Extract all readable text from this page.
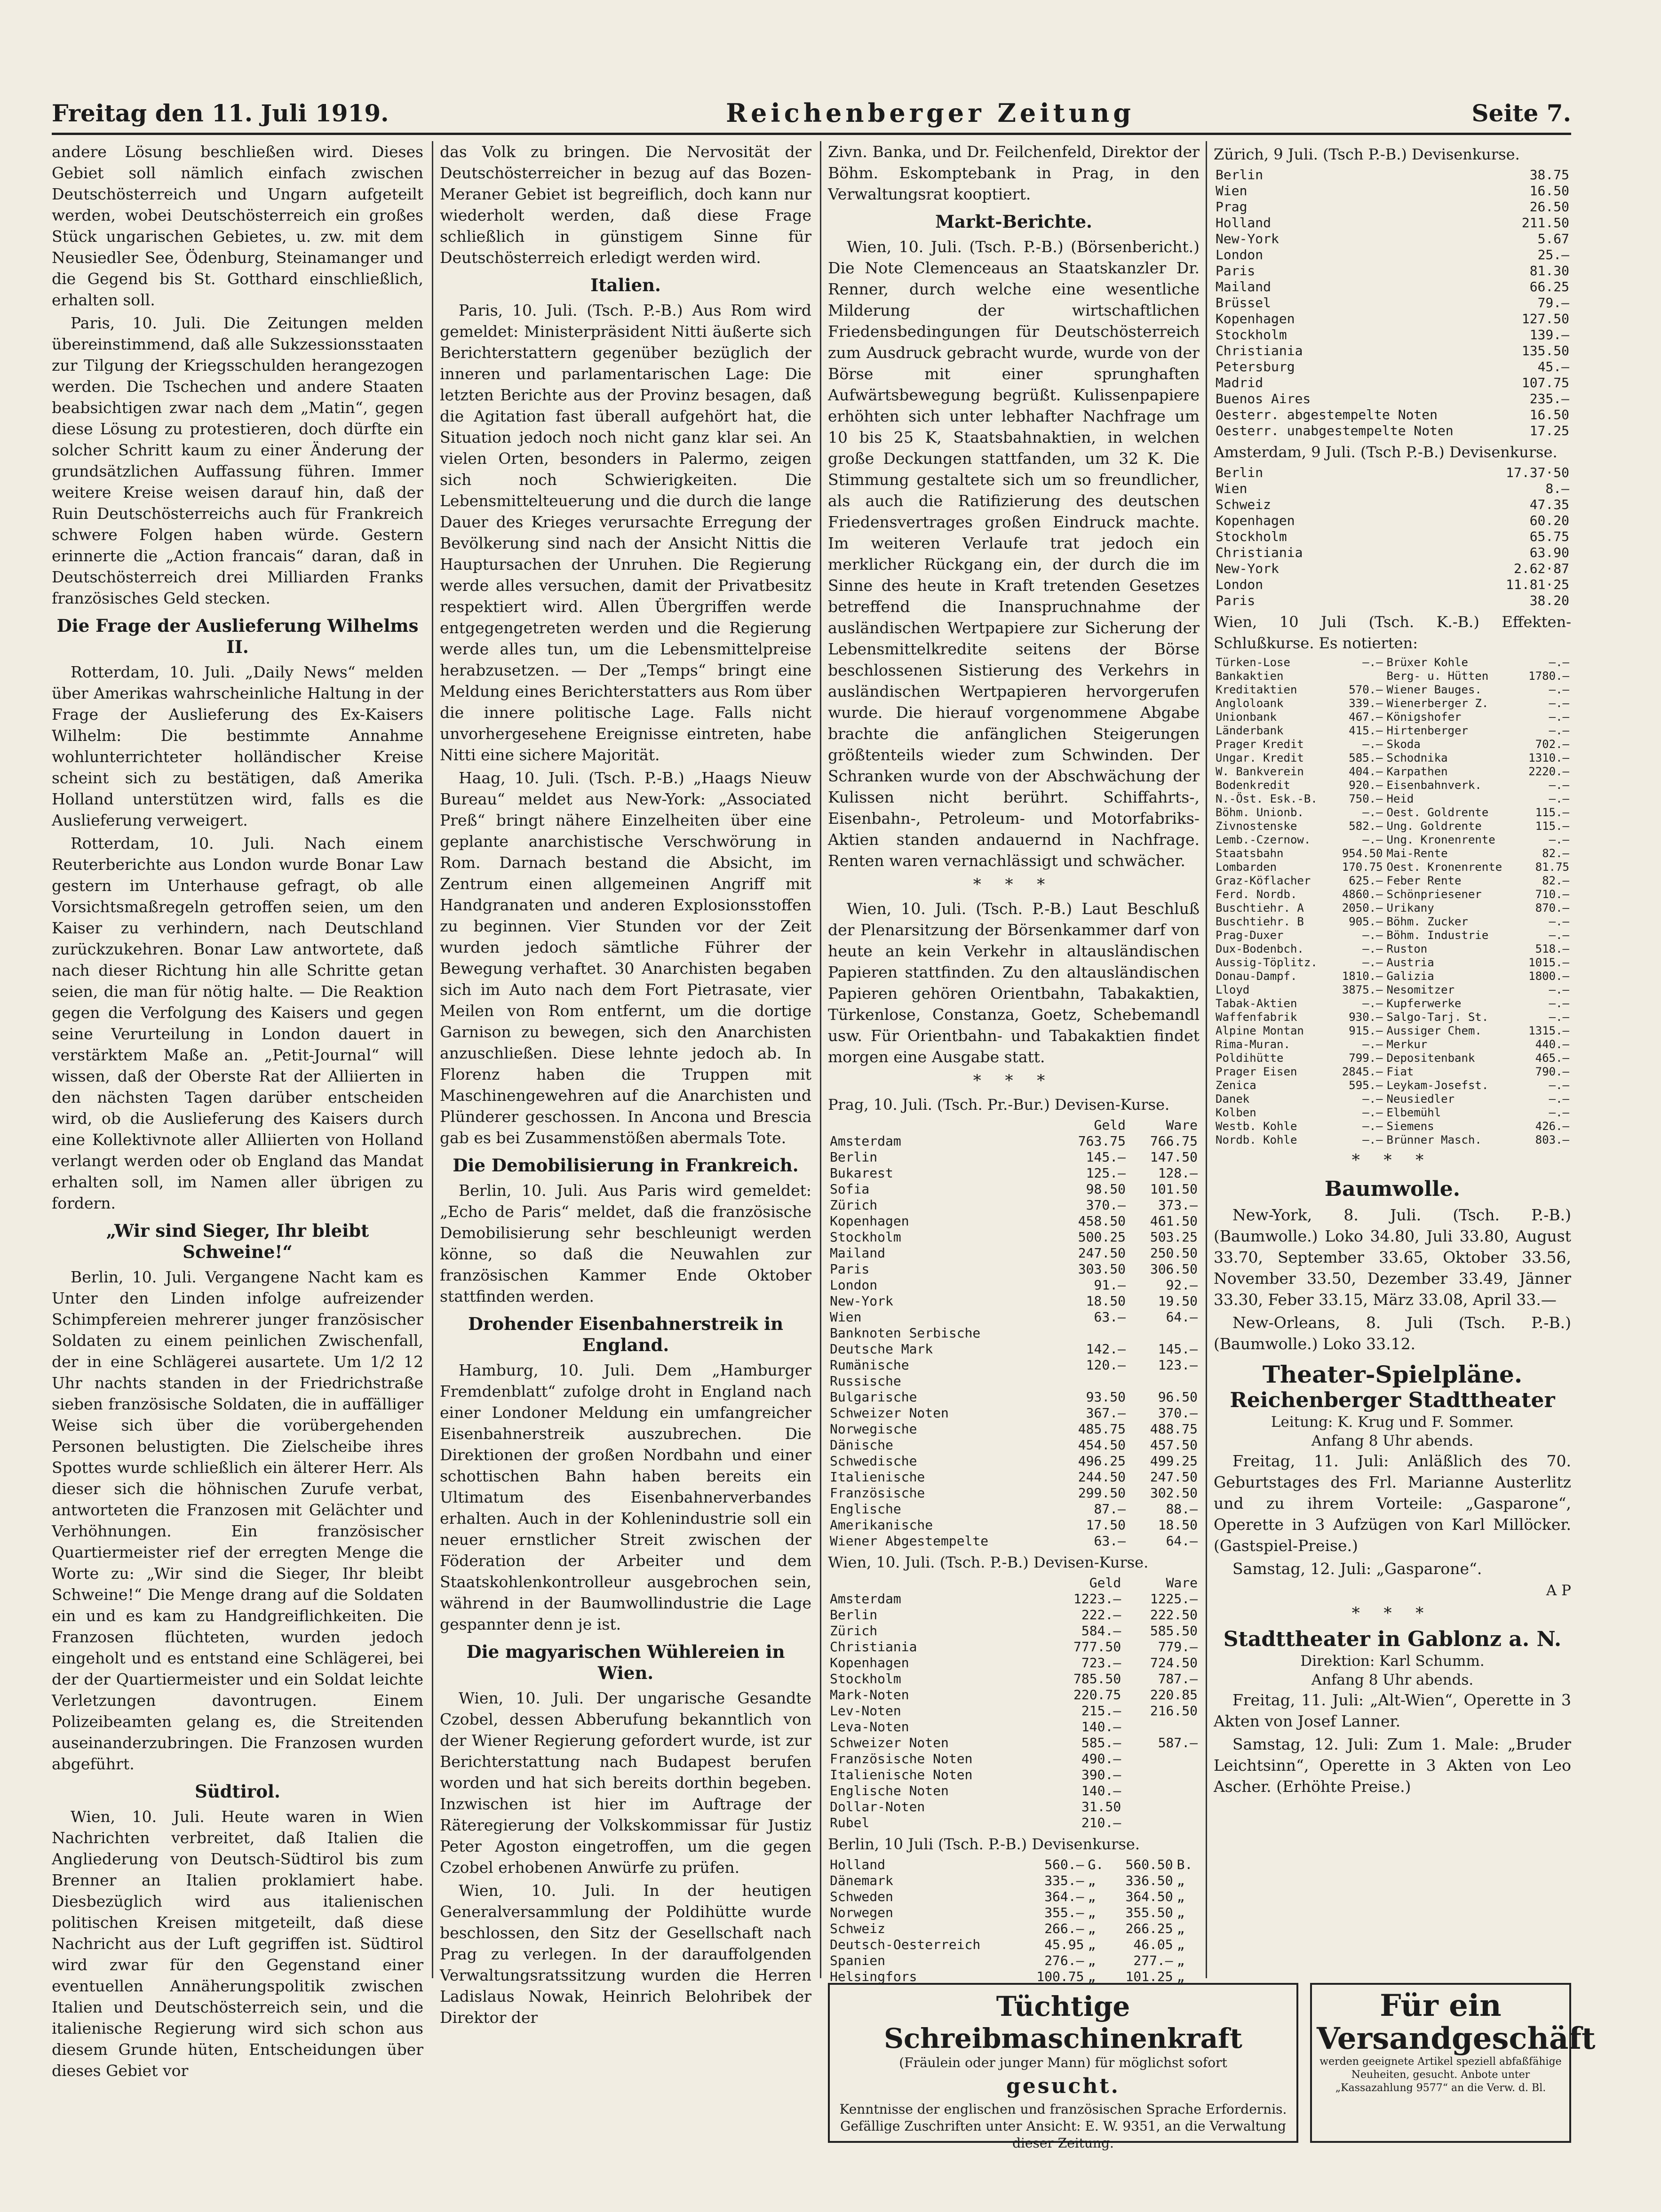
Freitag den 11. Juli 1919.	Reichenberger Zeitung	Seite 7.

andere Lösung beschließen wird. Dieses Gebiet soll nämlich einfach zwischen Deutschösterreich und Ungarn aufgeteilt werden, wobei Deutschösterreich ein großes Stück ungarischen Gebietes, u. zw. mit dem Neusiedler See, Ödenburg, Steinamanger und die Gegend bis St. Gotthard einschließlich, erhalten soll.

Paris, 10. Juli. Die Zeitungen melden übereinstimmend, daß alle Sukzessionsstaaten zur Tilgung der Kriegsschulden herangezogen werden. Die Tschechen und andere Staaten beabsichtigen zwar nach dem „Matin“, gegen diese Lösung zu protestieren, doch dürfte ein solcher Schritt kaum zu einer Änderung der grundsätzlichen Auffassung führen. Immer weitere Kreise weisen darauf hin, daß der Ruin Deutschösterreichs auch für Frankreich schwere Folgen haben würde. Gestern erinnerte die „Action francais“ daran, daß in Deutschösterreich drei Milliarden Franks französisches Geld stecken.

Die Frage der Auslieferung Wilhelms II.

Rotterdam, 10. Juli. „Daily News“ melden über Amerikas wahrscheinliche Haltung in der Frage der Auslieferung des Ex-Kaisers Wilhelm: Die bestimmte Annahme wohlunterrichteter holländischer Kreise scheint sich zu bestätigen, daß Amerika Holland unterstützen wird, falls es die Auslieferung verweigert.

Rotterdam, 10. Juli. Nach einem Reuterberichte aus London wurde Bonar Law gestern im Unterhause gefragt, ob alle Vorsichtsmaßregeln getroffen seien, um den Kaiser zu verhindern, nach Deutschland zurückzukehren. Bonar Law antwortete, daß nach dieser Richtung hin alle Schritte getan seien, die man für nötig halte. — Die Reaktion gegen die Verfolgung des Kaisers und gegen seine Verurteilung in London dauert in verstärktem Maße an. „Petit-Journal“ will wissen, daß der Oberste Rat der Alliierten in den nächsten Tagen darüber entscheiden wird, ob die Auslieferung des Kaisers durch eine Kollektivnote aller Alliierten von Holland verlangt werden oder ob England das Mandat erhalten soll, im Namen aller übrigen zu fordern.

„Wir sind Sieger, Ihr bleibt Schweine!“

Berlin, 10. Juli. Vergangene Nacht kam es Unter den Linden infolge aufreizender Schimpfereien mehrerer junger französischer Soldaten zu einem peinlichen Zwischenfall, der in eine Schlägerei ausartete. Um 1/2 12 Uhr nachts standen in der Friedrichstraße sieben französische Soldaten, die in auffälliger Weise sich über die vorübergehenden Personen belustigten. Die Zielscheibe ihres Spottes wurde schließlich ein älterer Herr. Als dieser sich die höhnischen Zurufe verbat, antworteten die Franzosen mit Gelächter und Verhöhnungen. Ein französischer Quartiermeister rief der erregten Menge die Worte zu: „Wir sind die Sieger, Ihr bleibt Schweine!“ Die Menge drang auf die Soldaten ein und es kam zu Handgreiflichkeiten. Die Franzosen flüchteten, wurden jedoch eingeholt und es entstand eine Schlägerei, bei der der Quartiermeister und ein Soldat leichte Verletzungen davontrugen. Einem Polizeibeamten gelang es, die Streitenden auseinanderzubringen. Die Franzosen wurden abgeführt.

Südtirol.

Wien, 10. Juli. Heute waren in Wien Nachrichten verbreitet, daß Italien die Angliederung von Deutsch-Südtirol bis zum Brenner an Italien proklamiert habe. Diesbezüglich wird aus italienischen politischen Kreisen mitgeteilt, daß diese Nachricht aus der Luft gegriffen ist. Südtirol wird zwar für den Gegenstand einer eventuellen Annäherungspolitik zwischen Italien und Deutschösterreich sein, und die italienische Regierung wird sich schon aus diesem Grunde hüten, Entscheidungen über dieses Gebiet vor

das Volk zu bringen. Die Nervosität der Deutschösterreicher in bezug auf das Bozen-Meraner Gebiet ist begreiflich, doch kann nur wiederholt werden, daß diese Frage schließlich in günstigem Sinne für Deutschösterreich erledigt werden wird.

Italien.

Paris, 10. Juli. (Tsch. P.-B.) Aus Rom wird gemeldet: Ministerpräsident Nitti äußerte sich Berichterstattern gegenüber bezüglich der inneren und parlamentarischen Lage: Die letzten Berichte aus der Provinz besagen, daß die Agitation fast überall aufgehört hat, die Situation jedoch noch nicht ganz klar sei. An vielen Orten, besonders in Palermo, zeigen sich noch Schwierigkeiten. Die Lebensmittelteuerung und die durch die lange Dauer des Krieges verursachte Erregung der Bevölkerung sind nach der Ansicht Nittis die Hauptursachen der Unruhen. Die Regierung werde alles versuchen, damit der Privatbesitz respektiert wird. Allen Übergriffen werde entgegengetreten werden und die Regierung werde alles tun, um die Lebensmittelpreise herabzusetzen. — Der „Temps“ bringt eine Meldung eines Berichterstatters aus Rom über die innere politische Lage. Falls nicht unvorhergesehene Ereignisse eintreten, habe Nitti eine sichere Majorität.

Haag, 10. Juli. (Tsch. P.-B.) „Haags Nieuw Bureau“ meldet aus New-York: „Associated Preß“ bringt nähere Einzelheiten über eine geplante anarchistische Verschwörung in Rom. Darnach bestand die Absicht, im Zentrum einen allgemeinen Angriff mit Handgranaten und anderen Explosionsstoffen zu beginnen. Vier Stunden vor der Zeit wurden jedoch sämtliche Führer der Bewegung verhaftet. 30 Anarchisten begaben sich im Auto nach dem Fort Pietrasate, vier Meilen von Rom entfernt, um die dortige Garnison zu bewegen, sich den Anarchisten anzuschließen. Diese lehnte jedoch ab. In Florenz haben die Truppen mit Maschinengewehren auf die Anarchisten und Plünderer geschossen. In Ancona und Brescia gab es bei Zusammenstößen abermals Tote.

Die Demobilisierung in Frankreich.

Berlin, 10. Juli. Aus Paris wird gemeldet: „Echo de Paris“ meldet, daß die französische Demobilisierung sehr beschleunigt werden könne, so daß die Neuwahlen zur französischen Kammer Ende Oktober stattfinden werden.

Drohender Eisenbahnerstreik in England.

Hamburg, 10. Juli. Dem „Hamburger Fremdenblatt“ zufolge droht in England nach einer Londoner Meldung ein umfangreicher Eisenbahnerstreik auszubrechen. Die Direktionen der großen Nordbahn und einer schottischen Bahn haben bereits ein Ultimatum des Eisenbahnerverbandes erhalten. Auch in der Kohlenindustrie soll ein neuer ernstlicher Streit zwischen der Föderation der Arbeiter und dem Staatskohlenkontrolleur ausgebrochen sein, während in der Baumwollindustrie die Lage gespannter denn je ist.

Die magyarischen Wühlereien in Wien.

Wien, 10. Juli. Der ungarische Gesandte Czobel, dessen Abberufung bekanntlich von der Wiener Regierung gefordert wurde, ist zur Berichterstattung nach Budapest berufen worden und hat sich bereits dorthin begeben. Inzwischen ist hier im Auftrage der Räteregierung der Volkskommissar für Justiz Peter Agoston eingetroffen, um die gegen Czobel erhobenen Anwürfe zu prüfen.

Wien, 10. Juli. In der heutigen Generalversammlung der Poldihütte wurde beschlossen, den Sitz der Gesellschaft nach Prag zu verlegen. In der darauffolgenden Verwaltungsratssitzung wurden die Herren Ladislaus Nowak, Heinrich Belohribek der Direktor der

Zivn. Banka, und Dr. Feilchenfeld, Direktor der Böhm. Eskomptebank in Prag, in den Verwaltungsrat kooptiert.

Markt-Berichte.

Wien, 10. Juli. (Tsch. P.-B.) (Börsenbericht.) Die Note Clemenceaus an Staatskanzler Dr. Renner, durch welche eine wesentliche Milderung der wirtschaftlichen Friedensbedingungen für Deutschösterreich zum Ausdruck gebracht wurde, wurde von der Börse mit einer sprunghaften Aufwärtsbewegung begrüßt. Kulissenpapiere erhöhten sich unter lebhafter Nachfrage um 10 bis 25 K, Staatsbahnaktien, in welchen große Deckungen stattfanden, um 32 K. Die Stimmung gestaltete sich um so freundlicher, als auch die Ratifizierung des deutschen Friedensvertrages großen Eindruck machte. Im weiteren Verlaufe trat jedoch ein merklicher Rückgang ein, der durch die im Sinne des heute in Kraft tretenden Gesetzes betreffend die Inanspruchnahme der ausländischen Wertpapiere zur Sicherung der Lebensmittelkredite seitens der Börse beschlossenen Sistierung des Verkehrs in ausländischen Wertpapieren hervorgerufen wurde. Die hierauf vorgenommene Abgabe brachte die anfänglichen Steigerungen größtenteils wieder zum Schwinden. Der Schranken wurde von der Abschwächung der Kulissen nicht berührt. Schiffahrts-, Eisenbahn-, Petroleum- und Motorfabriks-Aktien standen andauernd in Nachfrage. Renten waren vernachlässigt und schwächer.

* * *

Wien, 10. Juli. (Tsch. P.-B.) Laut Beschluß der Plenarsitzung der Börsenkammer darf von heute an kein Verkehr in altausländischen Papieren stattfinden. Zu den altausländischen Papieren gehören Orientbahn, Tabakaktien, Türkenlose, Constanza, Goetz, Schebemandl usw. Für Orientbahn- und Tabakaktien findet morgen eine Ausgabe statt.

* * *
Prag, 10. Juli. (Tsch. Pr.-Bur.) Devisen-Kurse.
	Geld	Ware
Amsterdam	763.75	766.75
Berlin	145.—	147.50
Bukarest	125.—	128.—
Sofia	98.50	101.50
Zürich	370.—	373.—
Kopenhagen	458.50	461.50
Stockholm	500.25	503.25
Mailand	247.50	250.50
Paris	303.50	306.50
London	91.—	92.—
New-York	18.50	19.50
Wien	63.—	64.—
Banknoten Serbische		
Deutsche Mark	142.—	145.—
Rumänische	120.—	123.—
Russische		
Bulgarische	93.50	96.50
Schweizer Noten	367.—	370.—
Norwegische	485.75	488.75
Dänische	454.50	457.50
Schwedische	496.25	499.25
Italienische	244.50	247.50
Französische	299.50	302.50
Englische	87.—	88.—
Amerikanische	17.50	18.50
Wiener Abgestempelte	63.—	64.—
Wien, 10. Juli. (Tsch. P.-B.) Devisen-Kurse.
	Geld	Ware
Amsterdam	1223.—	1225.—
Berlin	222.—	222.50
Zürich	584.—	585.50
Christiania	777.50	779.—
Kopenhagen	723.—	724.50
Stockholm	785.50	787.—
Mark-Noten	220.75	220.85
Lev-Noten	215.—	216.50
Leva-Noten	140.—	
Schweizer Noten	585.—	587.—
Französische Noten	490.—	
Italienische Noten	390.—	
Englische Noten	140.—	
Dollar-Noten	31.50	
Rubel	210.—	
Berlin, 10 Juli (Tsch. P.-B.) Devisenkurse.
Holland	560.—	G.	560.50	B.
Dänemark	335.—	„	336.50	„
Schweden	364.—	„	364.50	„
Norwegen	355.—	„	355.50	„
Schweiz	266.—	„	266.25	„
Deutsch-Oesterreich	45.95	„	46.05	„
Spanien	276.—	„	277.—	„
Helsingfors	100.75	„	101.25	„
Zürich, 9 Juli. (Tsch P.-B.) Devisenkurse.
Berlin	38.75
Wien	16.50
Prag	26.50
Holland	211.50
New-York	5.67
London	25.—
Paris	81.30
Mailand	66.25
Brüssel	79.—
Kopenhagen	127.50
Stockholm	139.—
Christiania	135.50
Petersburg	45.—
Madrid	107.75
Buenos Aires	235.—
Oesterr. abgestempelte Noten	16.50
Oesterr. unabgestempelte Noten	17.25
Amsterdam, 9 Juli. (Tsch P.-B.) Devisenkurse.
Berlin	17.37·50
Wien	8.—
Schweiz	47.35
Kopenhagen	60.20
Stockholm	65.75
Christiania	63.90
New-York	2.62·87
London	11.81·25
Paris	38.20
Wien, 10 Juli (Tsch. K.-B.) Effekten-Schlußkurse. Es notierten:
Türken-Lose	—.—	Brüxer Kohle	—.—
Bankaktien		Berg- u. Hütten	1780.—
Kreditaktien	570.—	Wiener Bauges.	—.—
Angloloank	339.—	Wienerberger Z.	—.—
Unionbank	467.—	Königshofer	—.—
Länderbank	415.—	Hirtenberger	—.—
Prager Kredit	—.—	Skoda	702.—
Ungar. Kredit	585.—	Schodnika	1310.—
W. Bankverein	404.—	Karpathen	2220.—
Bodenkredit	920.—	Eisenbahnverk.	—.—
N.-Öst. Esk.-B.	750.—	Heid	—.—
Böhm. Unionb.	—.—	Oest. Goldrente	115.—
Zivnostenske	582.—	Ung. Goldrente	115.—
Lemb.-Czernow.	—.—	Ung. Kronenrente	—.—
Staatsbahn	954.50	Mai-Rente	82.—
Lombarden	170.75	Oest. Kronenrente	81.75
Graz-Köflacher	625.—	Feber Rente	82.—
Ferd. Nordb.	4860.—	Schönpriesener	710.—
Buschtiehr. A	2050.—	Urikany	870.—
Buschtiehr. B	905.—	Böhm. Zucker	—.—
Prag-Duxer	—.—	Böhm. Industrie	—.—
Dux-Bodenbch.	—.—	Ruston	518.—
Aussig-Töplitz.	—.—	Austria	1015.—
Donau-Dampf.	1810.—	Galizia	1800.—
Lloyd	3875.—	Nesomitzer	—.—
Tabak-Aktien	—.—	Kupferwerke	—.—
Waffenfabrik	930.—	Salgo-Tarj. St.	—.—
Alpine Montan	915.—	Aussiger Chem.	1315.—
Rima-Muran.	—.—	Merkur	440.—
Poldihütte	799.—	Depositenbank	465.—
Prager Eisen	2845.—	Fiat	790.—
Zenica	595.—	Leykam-Josefst.	—.—
Danek	—.—	Neusiedler	—.—
Kolben	—.—	Elbemühl	—.—
Westb. Kohle	—.—	Siemens	426.—
Nordb. Kohle	—.—	Brünner Masch.	803.—
* * *
Baumwolle.

New-York, 8. Juli. (Tsch. P.-B.) (Baumwolle.) Loko 34.80, Juli 33.80, August 33.70, September 33.65, Oktober 33.56, November 33.50, Dezember 33.49, Jänner 33.30, Feber 33.15, März 33.08, April 33.—

New-Orleans, 8. Juli (Tsch. P.-B.) (Baumwolle.) Loko 33.12.

Theater-Spielpläne.
Reichenberger Stadttheater
Leitung: K. Krug und F. Sommer.
Anfang 8 Uhr abends.

Freitag, 11. Juli: Anläßlich des 70. Geburtstages des Frl. Marianne Austerlitz und zu ihrem Vorteile: „Gasparone“, Operette in 3 Aufzügen von Karl Millöcker. (Gastspiel-Preise.)

Samstag, 12. Juli: „Gasparone“.

A P
* * *
Stadttheater in Gablonz a. N.
Direktion: Karl Schumm.
Anfang 8 Uhr abends.

Freitag, 11. Juli: „Alt-Wien“, Operette in 3 Akten von Josef Lanner.

Samstag, 12. Juli: Zum 1. Male: „Bruder Leichtsinn“, Operette in 3 Akten von Leo Ascher. (Erhöhte Preise.)

Tüchtige Schreibmaschinenkraft
(Fräulein oder junger Mann) für möglichst sofort
gesucht.
Kenntnisse der englischen und französischen Sprache Erfordernis.
Gefällige Zuschriften unter Ansicht: E. W. 9351, an die Verwaltung dieser Zeitung.
Für ein Versandgeschäft
werden geeignete Artikel speziell abfaßfähige Neuheiten, gesucht. Anbote unter „Kassazahlung 9577“ an die Verw. d. Bl.
